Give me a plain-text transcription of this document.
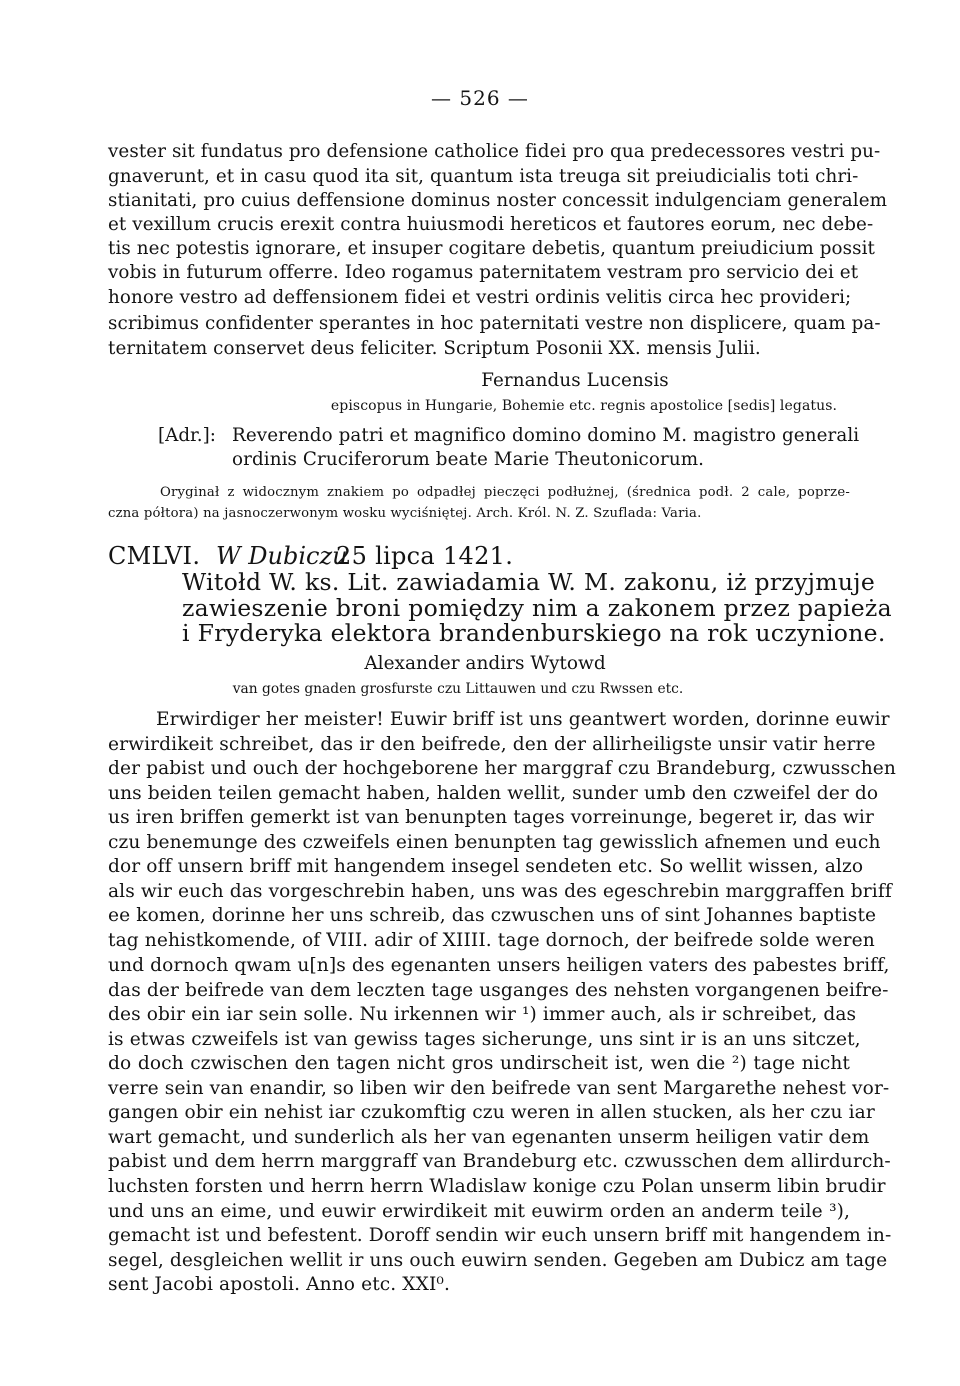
— 526 —
vester sit fundatus pro defensione catholice fidei pro qua predecessores vestri pu-
gnaverunt, et in casu quod ita sit, quantum ista treuga sit preiudicialis toti chri-
stianitati, pro cuius deffensione dominus noster concessit indulgenciam generalem
et vexillum crucis erexit contra huiusmodi hereticos et fautores eorum, nec debe-
tis nec potestis ignorare, et insuper cogitare debetis, quantum preiudicium possit
vobis in futurum offerre. Ideo rogamus paternitatem vestram pro servicio dei et
honore vestro ad deffensionem fidei et vestri ordinis velitis circa hec provideri;
scribimus confidenter sperantes in hoc paternitati vestre non displicere, quam pa-
ternitatem conservet deus feliciter. Scriptum Posonii XX. mensis Julii.
Fernandus Lucensis
episcopus in Hungarie, Bohemie etc. regnis apostolice [sedis] legatus.
[Adr.]: Reverendo patri et magnifico domino domino M. magistro generali
ordinis Cruciferorum beate Marie Theutonicorum.
Oryginał z widocznym znakiem po odpadłej pieczęci podłużnej, (średnica podł. 2 cale, poprze-
czna półtora) na jasnoczerwonym wosku wyciśniętej. Arch. Król. N. Z. Szuflada: Varia.
CMLVI. W Dubiczu
25 lipca 1421.
Witołd W. ks. Lit. zawiadamia W. M. zakonu, iż przyjmuje
zawieszenie broni pomiędzy nim a zakonem przez papieża
i Fryderyka elektora brandenburskiego na rok uczynione.
Alexander andirs Wytowd
van gotes gnaden grosfurste czu Littauwen und czu Rwssen etc.
Erwirdiger her meister! Euwir briff ist uns geantwert worden, dorinne euwir
erwirdikeit schreibet, das ir den beifrede, den der allirheiligste unsir vatir herre
der pabist und ouch der hochgeborene her marggraf czu Brandeburg, czwusschen
uns beiden teilen gemacht haben, halden wellit, sunder umb den czweifel der do
us iren briffen gemerkt ist van benunpten tages vorreinunge, begeret ir, das wir
czu benemunge des czweifels einen benunpten tag gewisslich afnemen und euch
dor off unsern briff mit hangendem insegel sendeten etc. So wellit wissen, alzo
als wir euch das vorgeschrebin haben, uns was des egeschrebin marggraffen briff
ee komen, dorinne her uns schreib, das czwuschen uns of sint Johannes baptiste
tag nehistkomende, of VIII. adir of XIIII. tage dornoch, der beifrede solde weren
und dornoch qwam u[n]s des egenanten unsers heiligen vaters des pabestes briff,
das der beifrede van dem leczten tage usganges des nehsten vorgangenen beifre-
des obir ein iar sein solle. Nu irkennen wir ¹) immer auch, als ir schreibet, das
is etwas czweifels ist van gewiss tages sicherunge, uns sint ir is an uns sitczet,
do doch czwischen den tagen nicht gros undirscheit ist, wen die ²) tage nicht
verre sein van enandir, so liben wir den beifrede van sent Margarethe nehest vor-
gangen obir ein nehist iar czukomftig czu weren in allen stucken, als her czu iar
wart gemacht, und sunderlich als her van egenanten unserm heiligen vatir dem
pabist und dem herrn marggraff van Brandeburg etc. czwusschen dem allirdurch-
luchsten forsten und herrn herrn Wladislaw konige czu Polan unserm libin brudir
und uns an eime, und euwir erwirdikeit mit euwirm orden an anderm teile ³),
gemacht ist und befestent. Doroff sendin wir euch unsern briff mit hangendem in-
segel, desgleichen wellit ir uns ouch euwirn senden. Gegeben am Dubicz am tage
sent Jacobi apostoli. Anno etc. XXI⁰.
